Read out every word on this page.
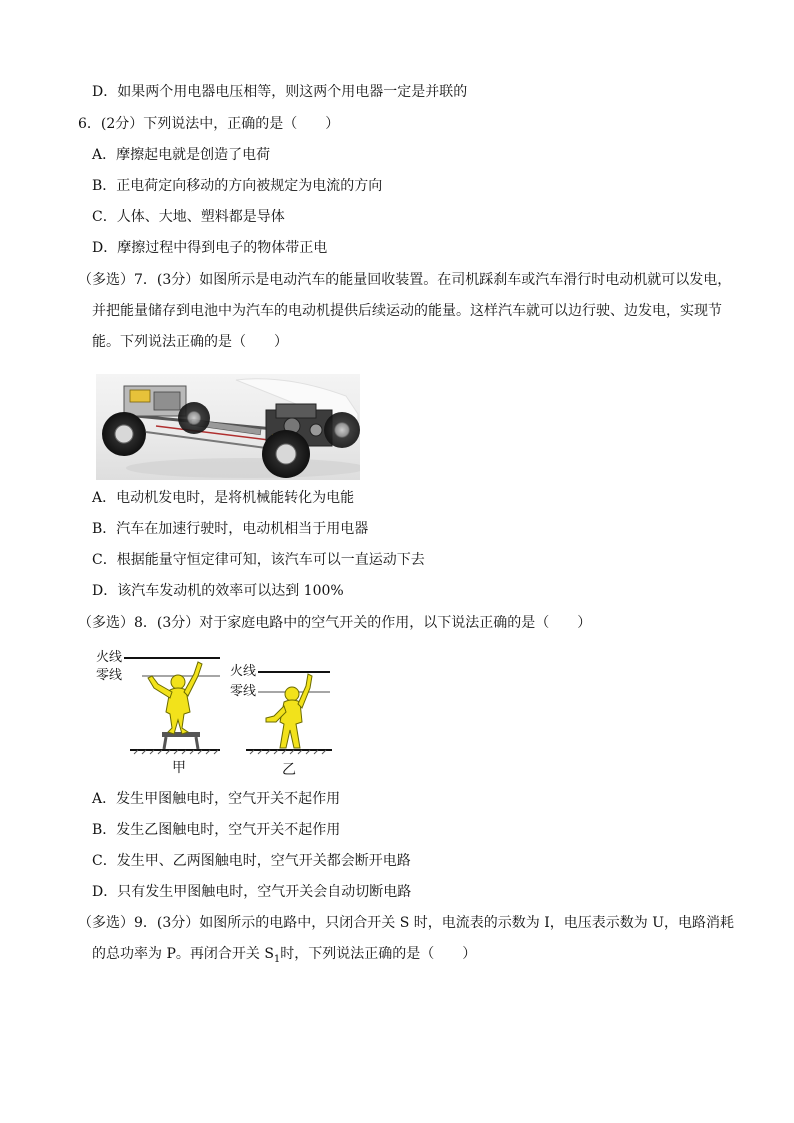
D．如果两个用电器电压相等，则这两个用电器一定是并联的
6．(2分）下列说法中，正确的是（　　）
A．摩擦起电就是创造了电荷
B．正电荷定向移动的方向被规定为电流的方向
C．人体、大地、塑料都是导体
D．摩擦过程中得到电子的物体带正电
（多选）7．(3分）如图所示是电动汽车的能量回收装置。在司机踩刹车或汽车滑行时电动机就可以发电，
并把能量储存到电池中为汽车的电动机提供后续运动的能量。这样汽车就可以边行驶、边发电，实现节
能。下列说法正确的是（　　）
A．电动机发电时，是将机械能转化为电能
B．汽车在加速行驶时，电动机相当于用电器
C．根据能量守恒定律可知，该汽车可以一直运动下去
D．该汽车发动机的效率可以达到 100%
（多选）8．(3分）对于家庭电路中的空气开关的作用，以下说法正确的是（　　）
火线
零线	火线
零线
甲	乙
A．发生甲图触电时，空气开关不起作用
B．发生乙图触电时，空气开关不起作用
C．发生甲、乙两图触电时，空气开关都会断开电路
D．只有发生甲图触电时，空气开关会自动切断电路
（多选）9．(3分）如图所示的电路中，只闭合开关 S 时，电流表的示数为 I，电压表示数为 U，电路消耗
的总功率为 P。再闭合开关 $S_1$时，下列说法正确的是（　　）
